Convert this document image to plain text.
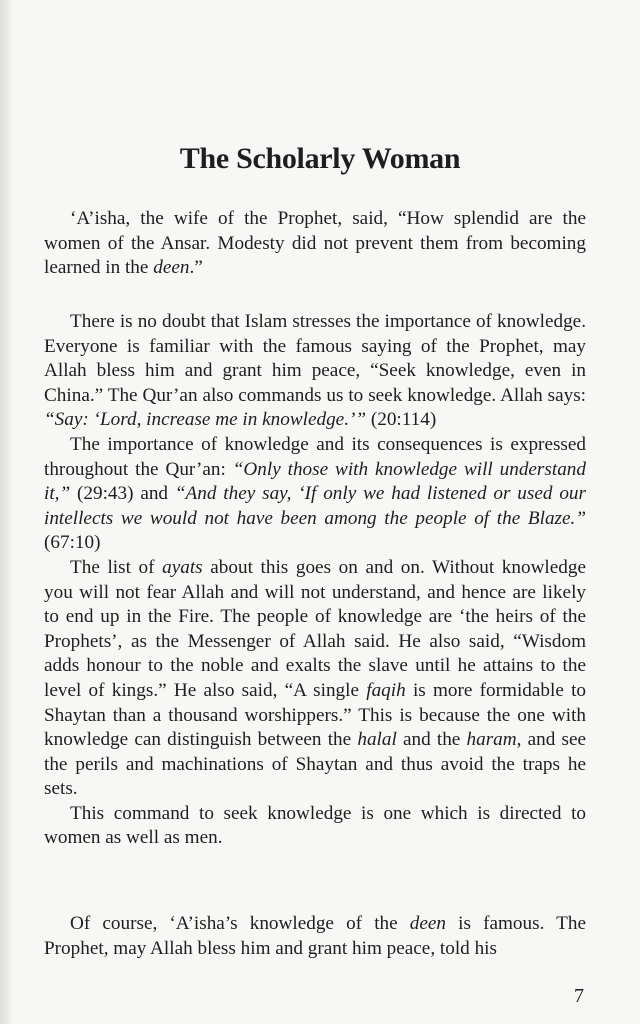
The Scholarly Woman

‘A’isha, the wife of the Prophet, said, “How splendid are the women of the Ansar. Modesty did not prevent them from becoming learned in the deen.”

There is no doubt that Islam stresses the importance of knowledge. Everyone is familiar with the famous saying of the Prophet, may Allah bless him and grant him peace, “Seek knowledge, even in China.” The Qur’an also commands us to seek knowledge. Allah says: “Say: ‘Lord, increase me in knowledge.’” (20:114)

The importance of knowledge and its consequences is expressed throughout the Qur’an: “Only those with knowledge will understand it,” (29:43) and “And they say, ‘If only we had listened or used our intellects we would not have been among the people of the Blaze.” (67:10)

The list of ayats about this goes on and on. Without knowledge you will not fear Allah and will not understand, and hence are likely to end up in the Fire. The people of knowledge are ‘the heirs of the Prophets’, as the Messenger of Allah said. He also said, “Wisdom adds honour to the noble and exalts the slave until he attains to the level of kings.” He also said, “A single faqih is more formidable to Shaytan than a thousand worshippers.” This is because the one with knowledge can distinguish between the halal and the haram, and see the perils and machinations of Shaytan and thus avoid the traps he sets.

This command to seek knowledge is one which is directed to women as well as men.

Of course, ‘A’isha’s knowledge of the deen is famous. The Prophet, may Allah bless him and grant him peace, told his

7
